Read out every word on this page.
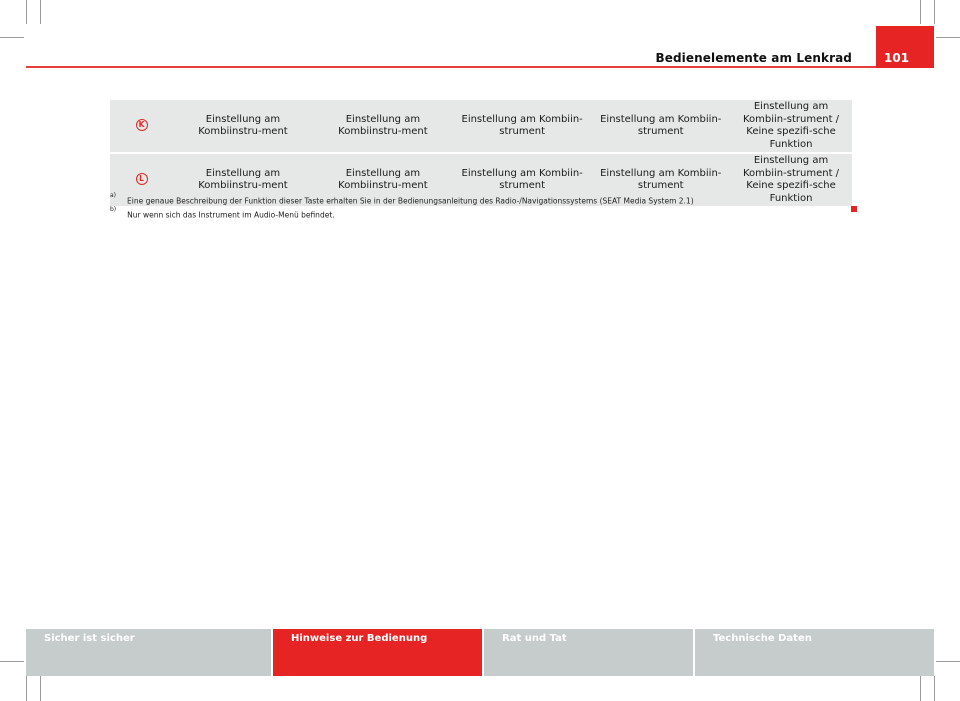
Bedienelemente am Lenkrad	101
K	Einstellung am Kombiinstru-ment	Einstellung am Kombiinstru-ment	Einstellung am Kombiin-strument	Einstellung am Kombiin-strument	Einstellung am Kombiin-strument / Keine spezifi-sche Funktion
L	Einstellung am Kombiinstru-ment	Einstellung am Kombiinstru-ment	Einstellung am Kombiin-strument	Einstellung am Kombiin-strument	Einstellung am Kombiin-strument / Keine spezifi-sche Funktion
$^{a)}$Eine genaue Beschreibung der Funktion dieser Taste erhalten Sie in der Bedienungsanleitung des Radio-/Navigationssystems (SEAT Media System 2.1)
$^{b)}$Nur wenn sich das Instrument im Audio-Menü befindet.
Sicher ist sicher	Hinweise zur Bedienung	Rat und Tat	Technische Daten
